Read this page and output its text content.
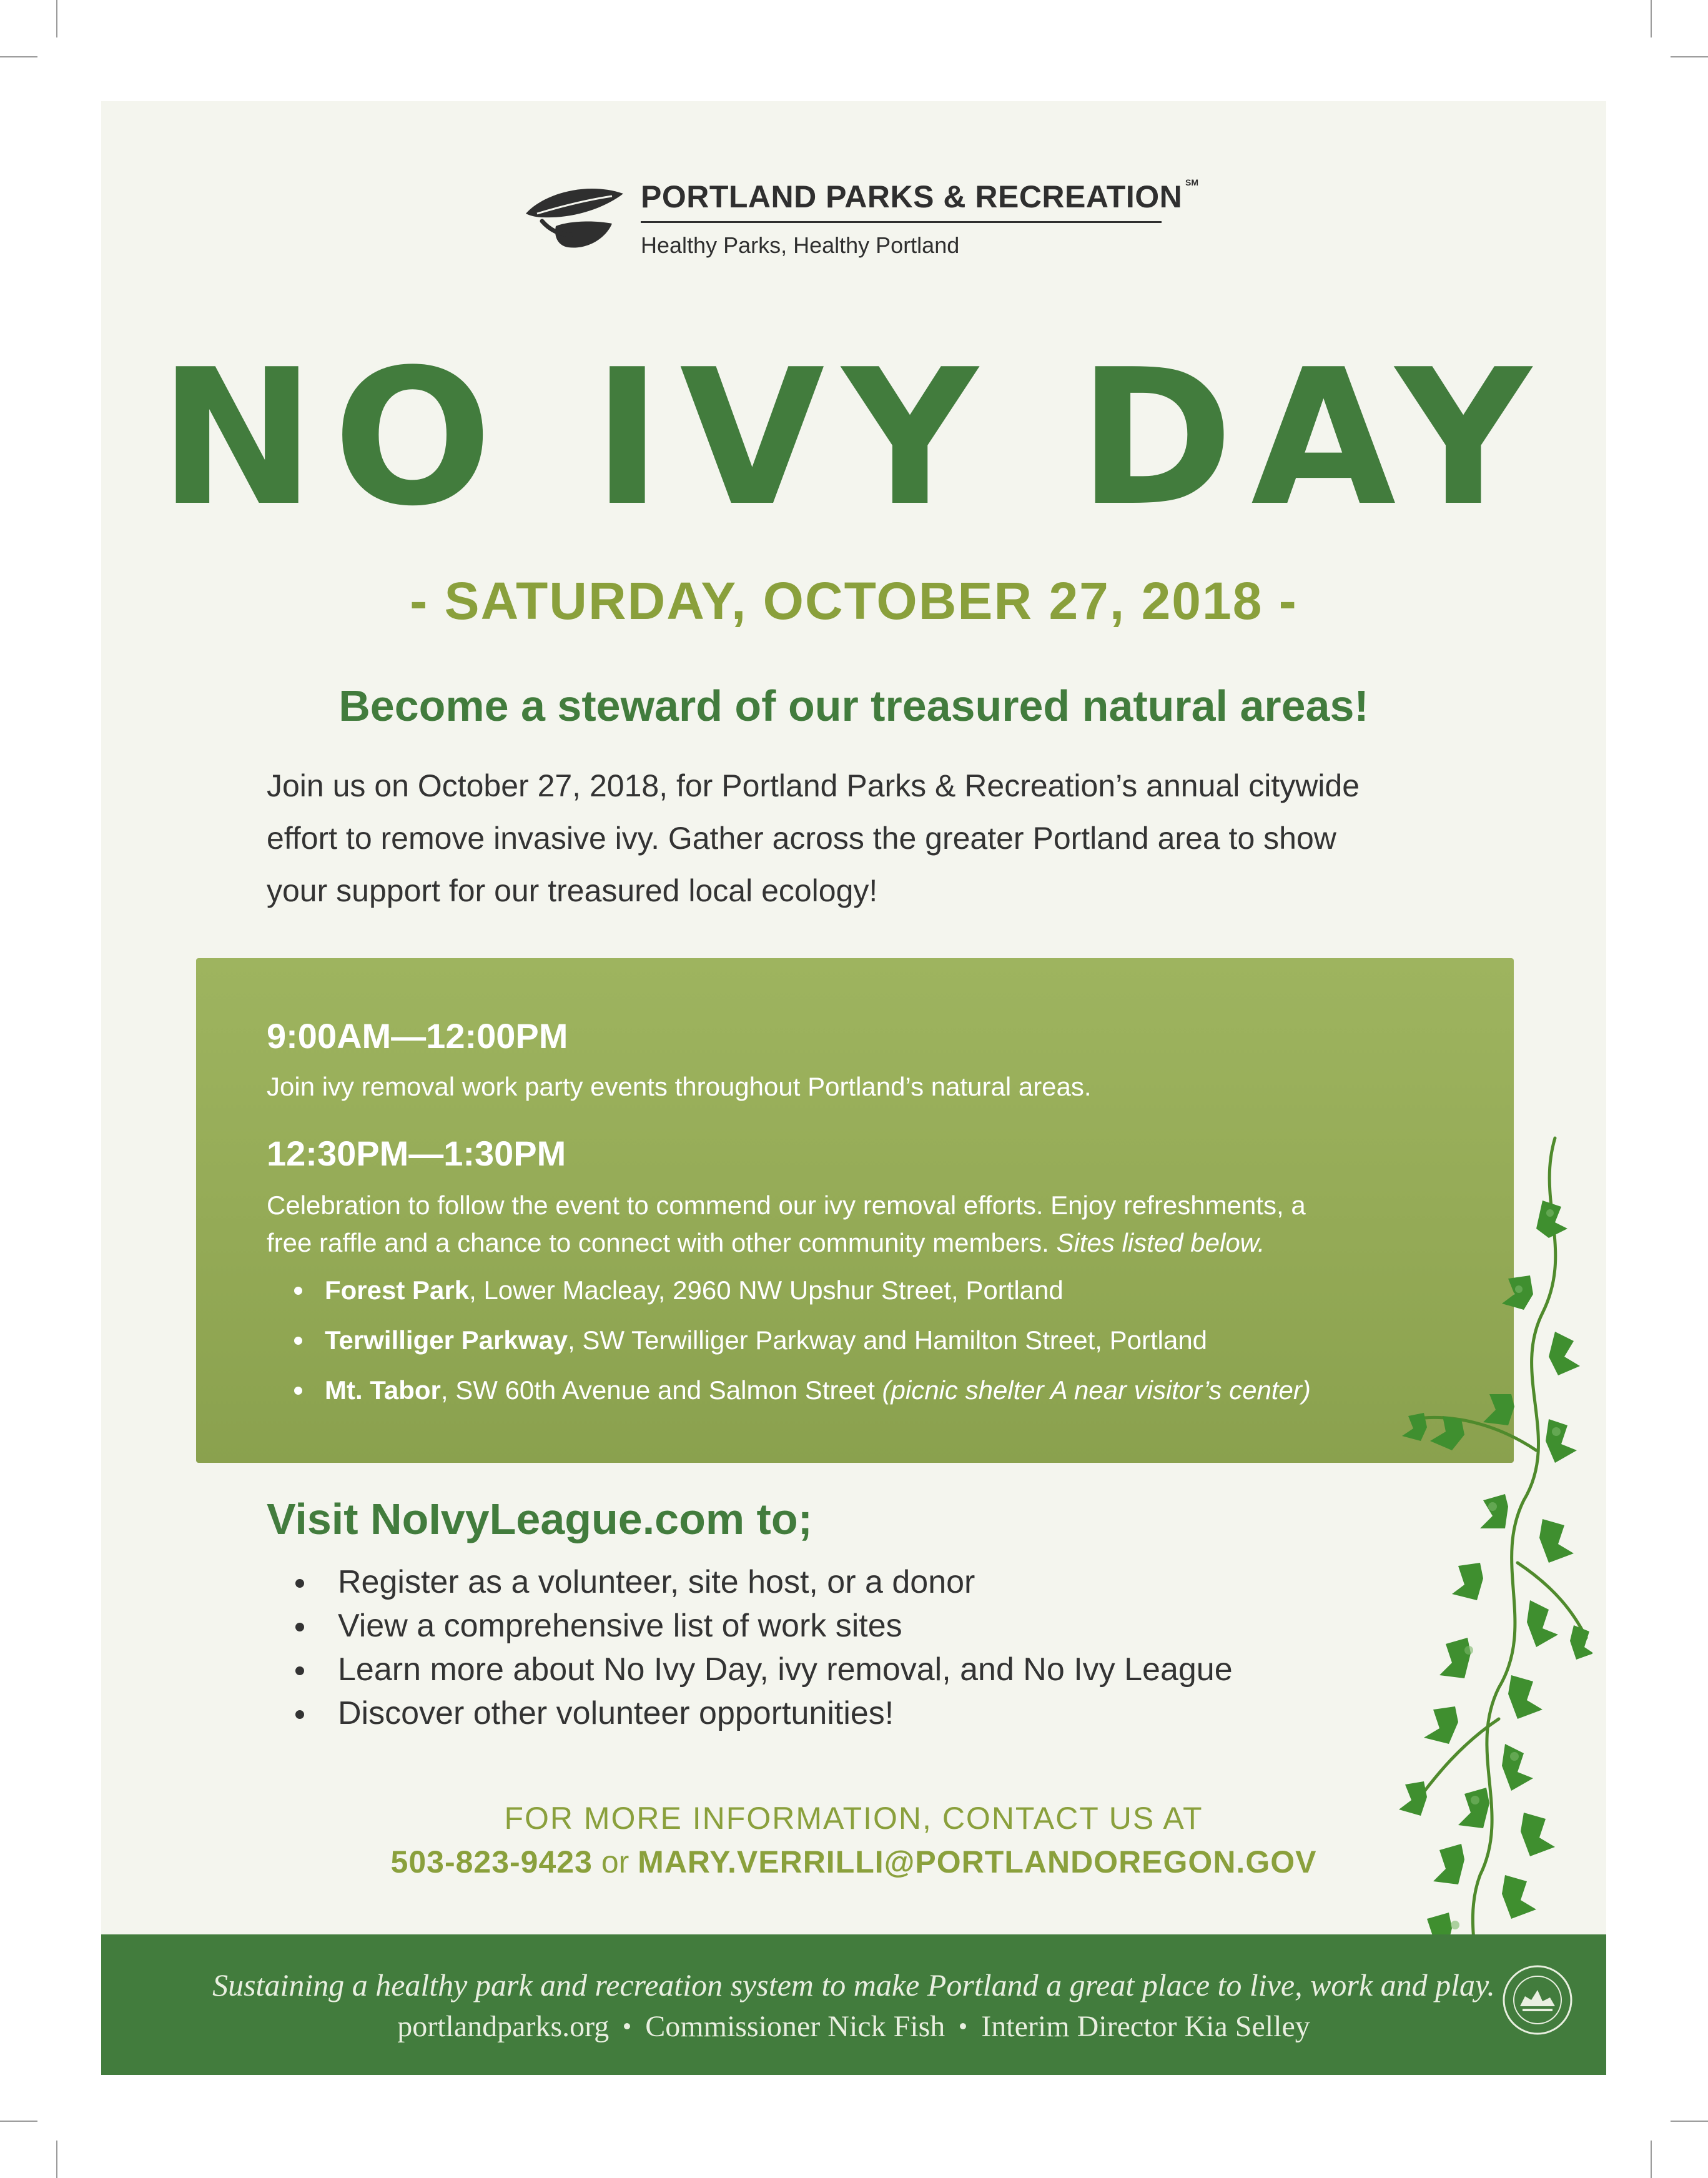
PORTLAND PARKS & RECREATION SM
Healthy Parks, Healthy Portland
NO IVY DAY
- SATURDAY, OCTOBER 27, 2018 -
Become a steward of our treasured natural areas!

Join us on October 27, 2018, for Portland Parks & Recreation’s annual citywide

effort to remove invasive ivy. Gather across the greater Portland area to show

your support for our treasured local ecology!

9:00AM—12:00PM
Join ivy removal work party events throughout Portland’s natural areas.
12:30PM—1:30PM

Celebration to follow the event to commend our ivy removal efforts. Enjoy refreshments, a

free raffle and a chance to connect with other community members. Sites listed below.

Forest Park, Lower Macleay, 2960 NW Upshur Street, Portland
Terwilliger Parkway, SW Terwilliger Parkway and Hamilton Street, Portland
Mt. Tabor, SW 60th Avenue and Salmon Street (picnic shelter A near visitor’s center)
Visit NoIvyLeague.com to;
Register as a volunteer, site host, or a donor
View a comprehensive list of work sites
Learn more about No Ivy Day, ivy removal, and No Ivy League
Discover other volunteer opportunities!
FOR MORE INFORMATION, CONTACT US AT
503-823-9423 or MARY.VERRILLI@PORTLANDOREGON.GOV
Sustaining a healthy park and recreation system to make Portland a great place to live, work and play.
portlandparks.org Commissioner Nick Fish Interim Director Kia Selley
